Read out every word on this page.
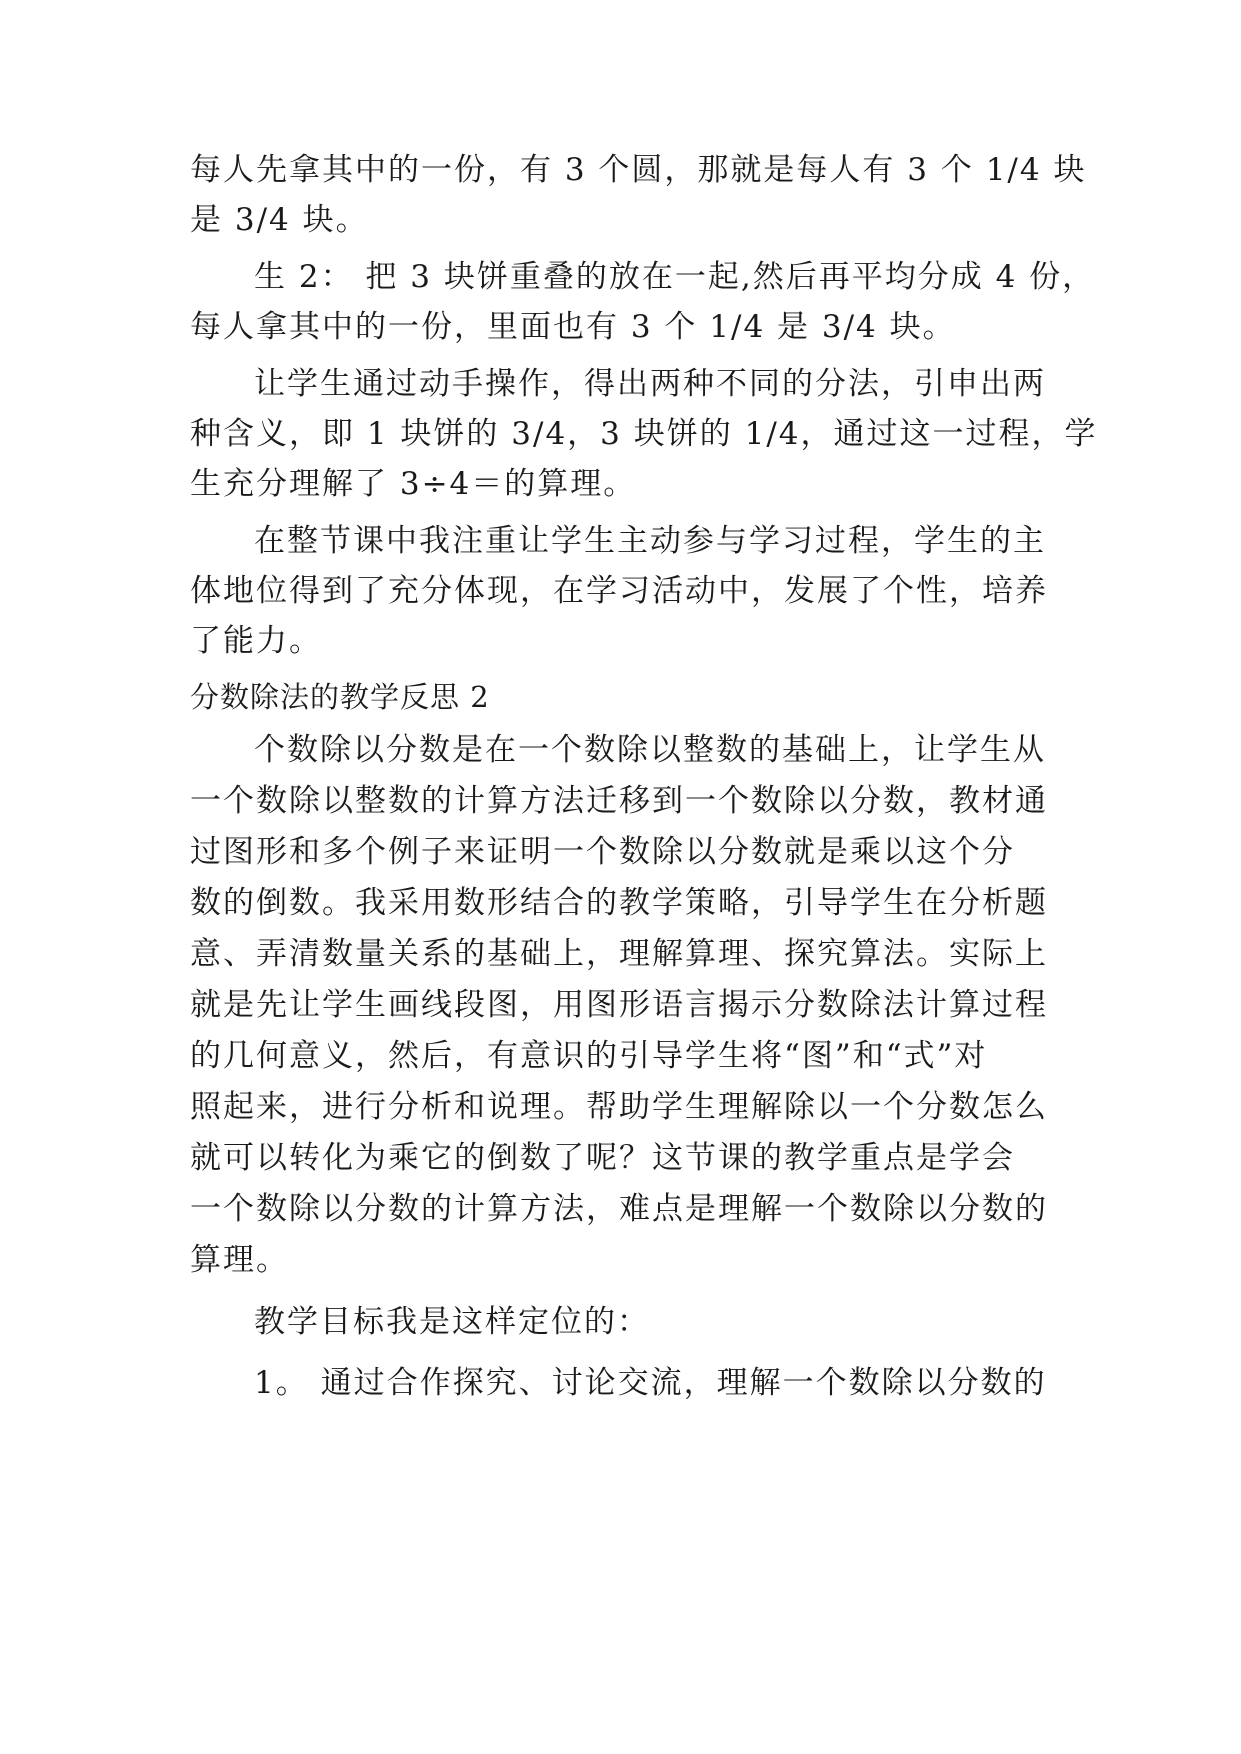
每人先拿其中的一份，有 3 个圆，那就是每人有 3 个 1/4 块
是 3/4 块。
生 2： 把 3 块饼重叠的放在一起,然后再平均分成 4 份，
每人拿其中的一份，里面也有 3 个 1/4 是 3/4 块。
让学生通过动手操作，得出两种不同的分法，引申出两
种含义，即 1 块饼的 3/4，3 块饼的 1/4，通过这一过程，学
生充分理解了 3÷4＝的算理。
在整节课中我注重让学生主动参与学习过程，学生的主
体地位得到了充分体现，在学习活动中，发展了个性，培养
了能力。
分数除法的教学反思 2
个数除以分数是在一个数除以整数的基础上，让学生从
一个数除以整数的计算方法迁移到一个数除以分数，教材通
过图形和多个例子来证明一个数除以分数就是乘以这个分
数的倒数。我采用数形结合的教学策略，引导学生在分析题
意、弄清数量关系的基础上，理解算理、探究算法。实际上
就是先让学生画线段图，用图形语言揭示分数除法计算过程
的几何意义，然后，有意识的引导学生将“图”和“式”对
照起来，进行分析和说理。帮助学生理解除以一个分数怎么
就可以转化为乘它的倒数了呢？这节课的教学重点是学会
一个数除以分数的计算方法，难点是理解一个数除以分数的
算理。
教学目标我是这样定位的：
1。 通过合作探究、讨论交流，理解一个数除以分数的
